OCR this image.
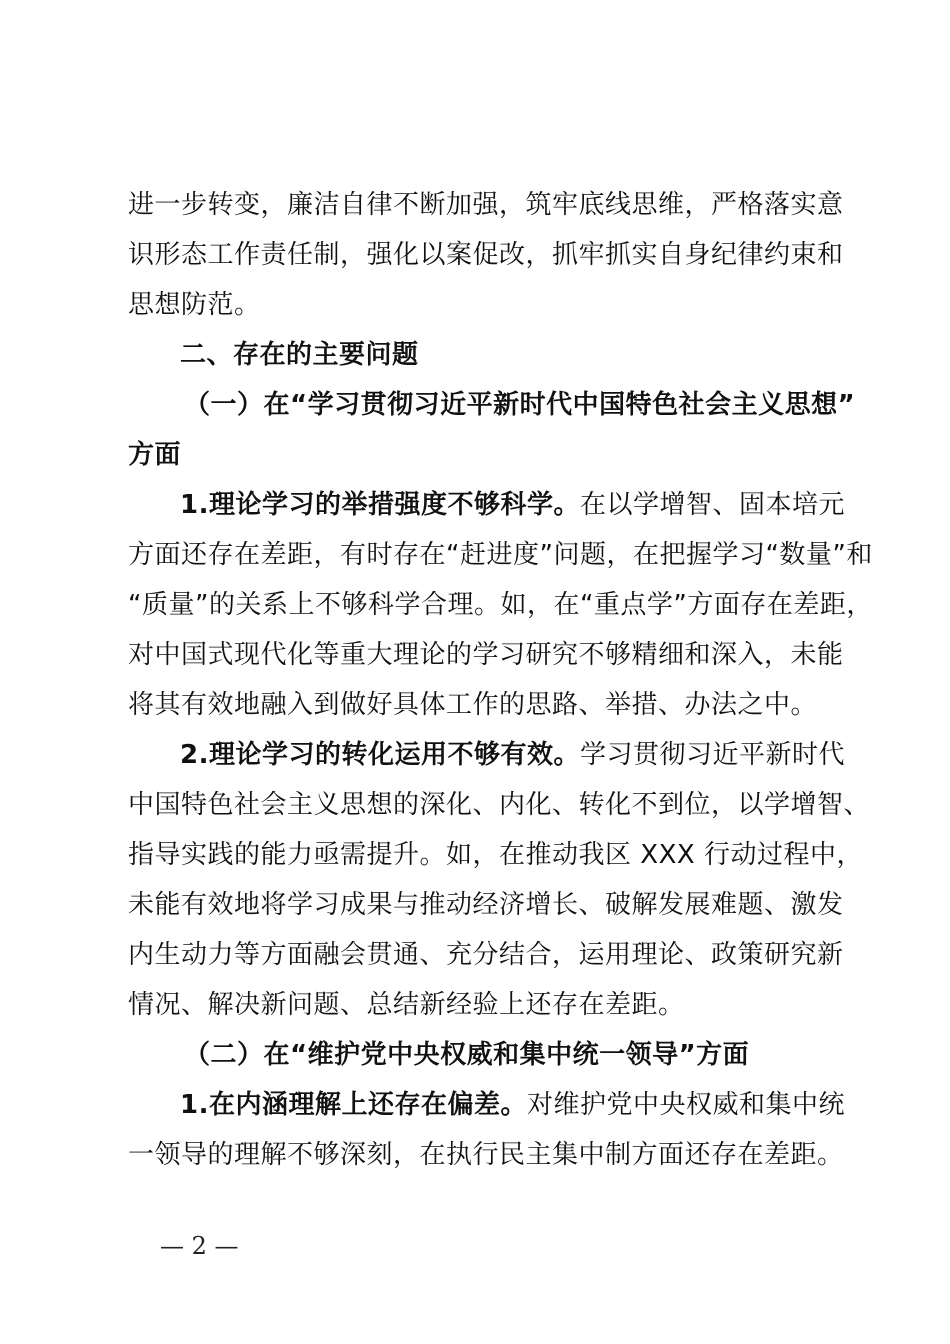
进一步转变，廉洁自律不断加强，筑牢底线思维，严格落实意
识形态工作责任制，强化以案促改，抓牢抓实自身纪律约束和
思想防范。
二、存在的主要问题
（一）在“学习贯彻习近平新时代中国特色社会主义思想”
方面
1.理论学习的举措强度不够科学。在以学增智、固本培元
方面还存在差距，有时存在“赶进度”问题，在把握学习“数量”和
“质量”的关系上不够科学合理。如，在“重点学”方面存在差距，
对中国式现代化等重大理论的学习研究不够精细和深入，未能
将其有效地融入到做好具体工作的思路、举措、办法之中。
2.理论学习的转化运用不够有效。学习贯彻习近平新时代
中国特色社会主义思想的深化、内化、转化不到位，以学增智、
指导实践的能力亟需提升。如，在推动我区 XXX 行动过程中，
未能有效地将学习成果与推动经济增长、破解发展难题、激发
内生动力等方面融会贯通、充分结合，运用理论、政策研究新
情况、解决新问题、总结新经验上还存在差距。
（二）在“维护党中央权威和集中统一领导”方面
1.在内涵理解上还存在偏差。对维护党中央权威和集中统
一领导的理解不够深刻，在执行民主集中制方面还存在差距。
— 2 —
